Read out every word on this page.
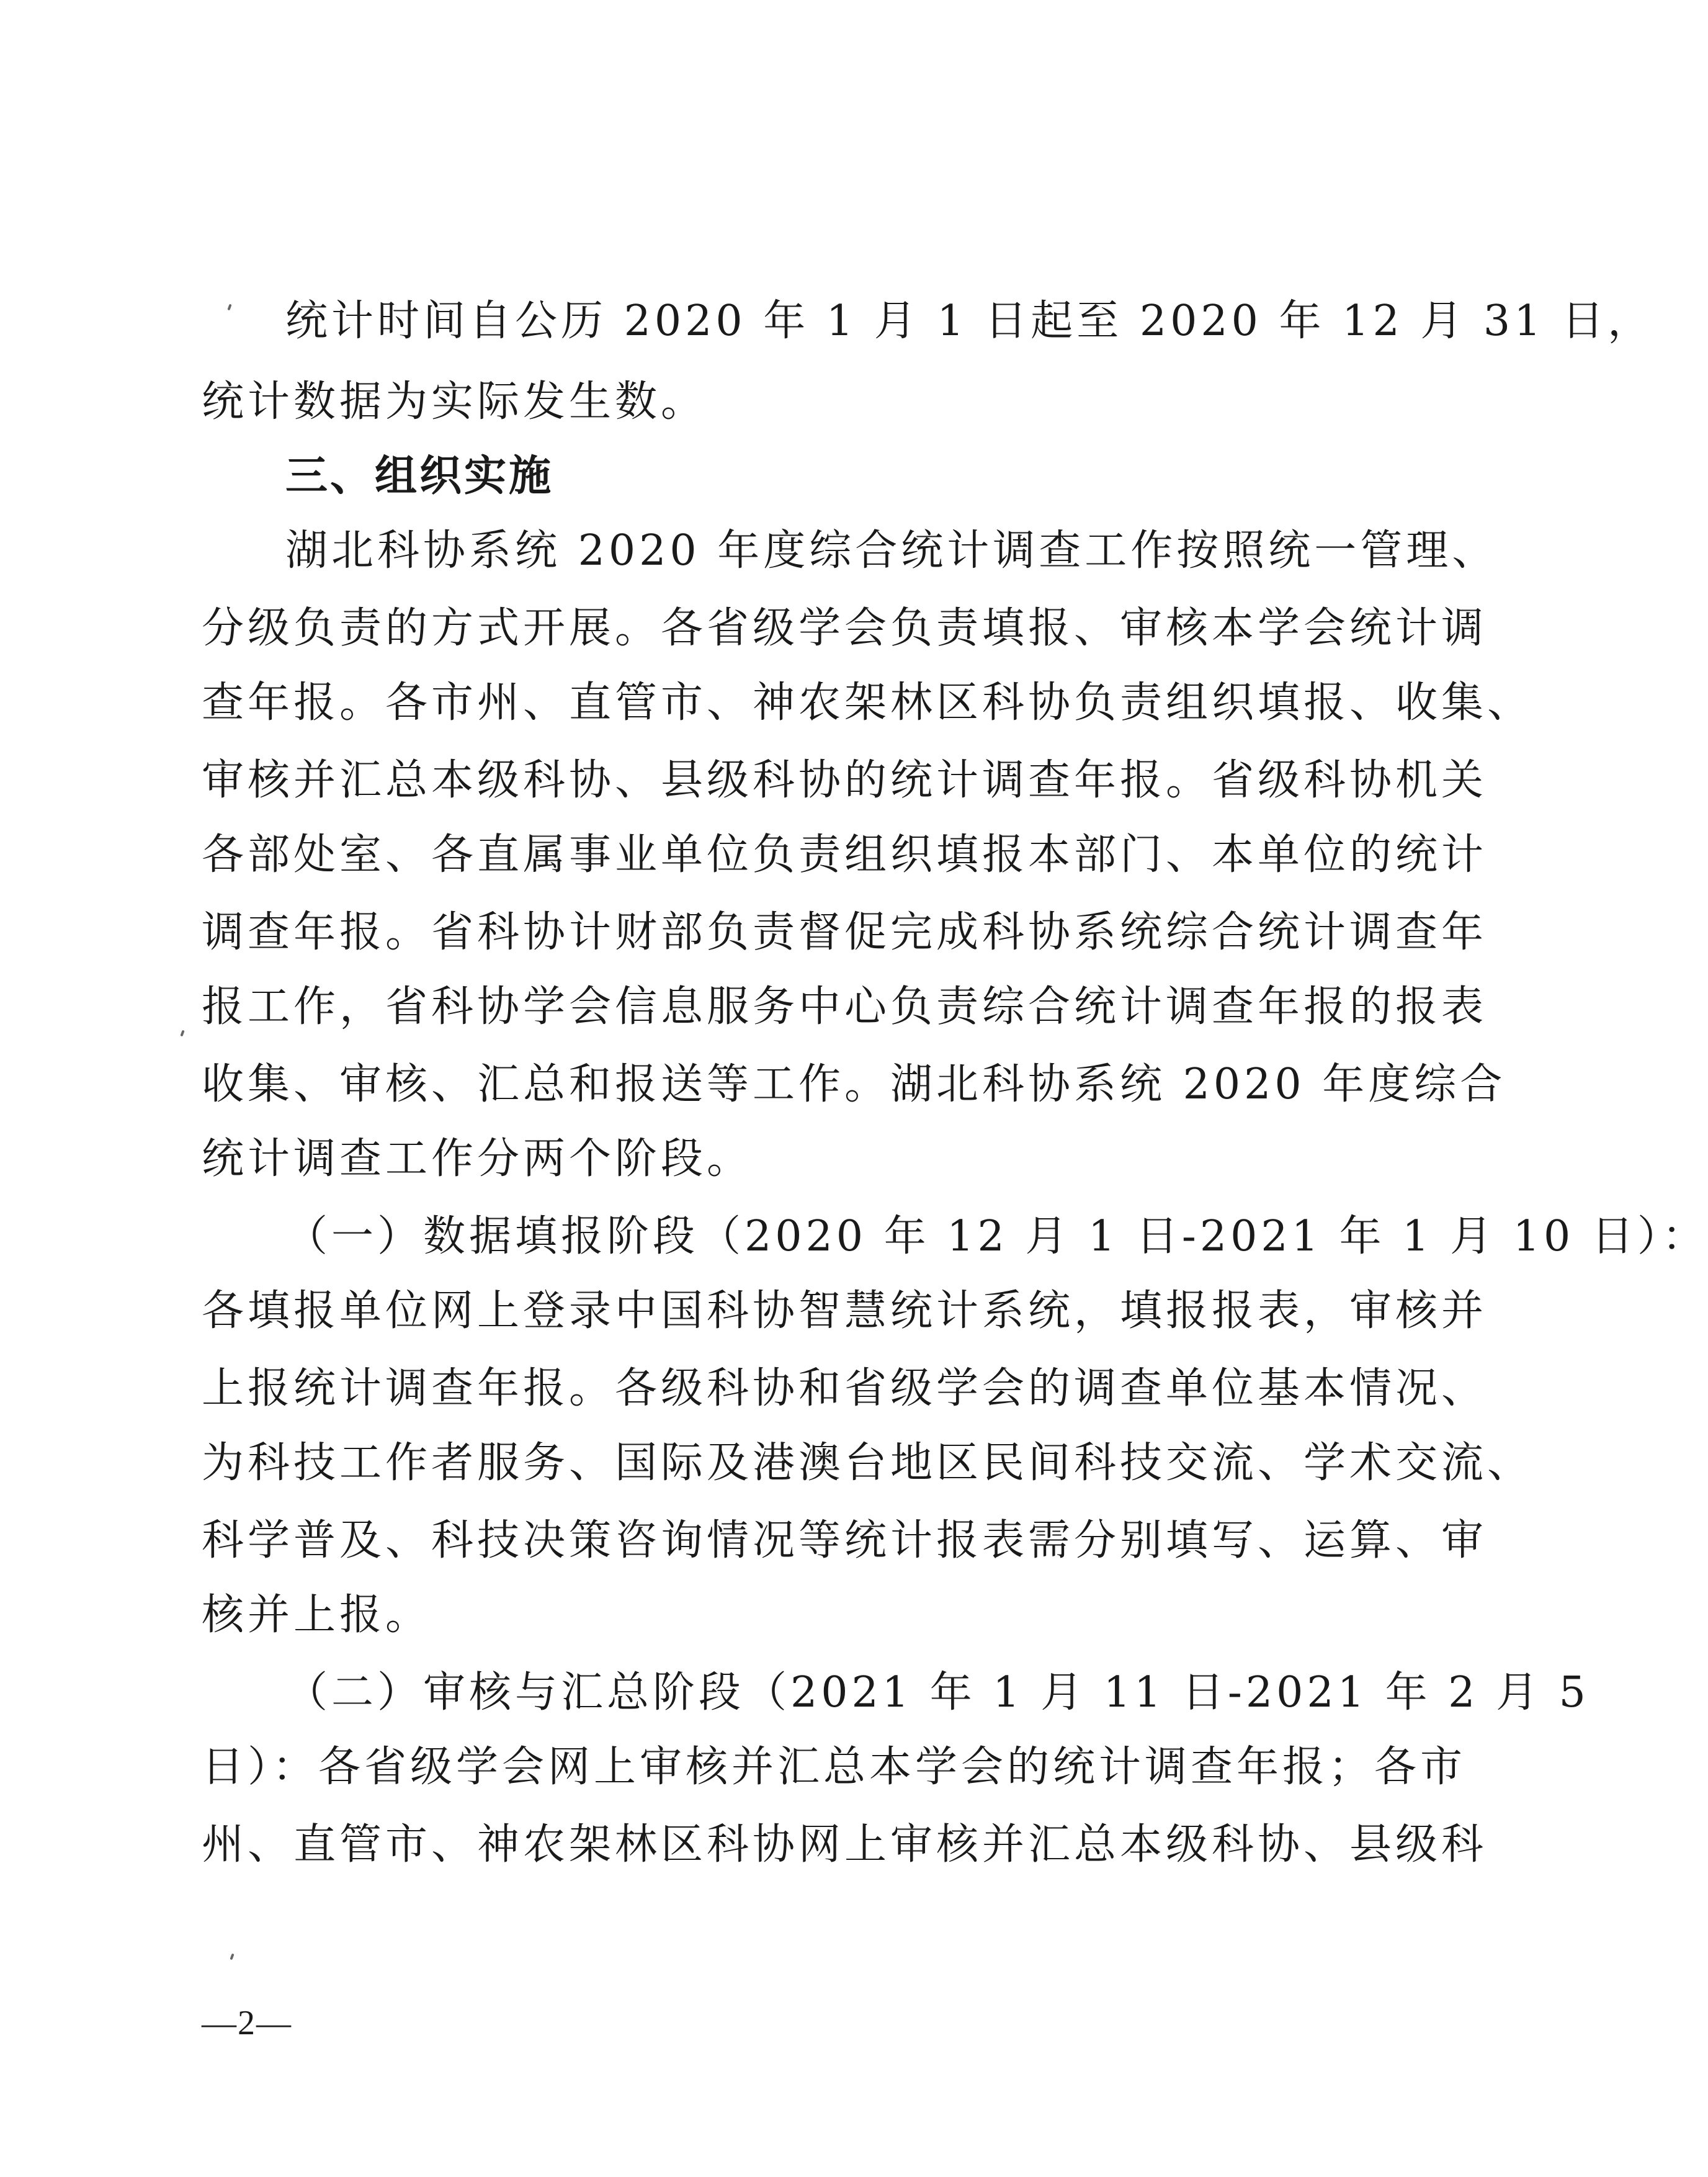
统计时间自公历 2020 年 1 月 1 日起至 2020 年 12 月 31 日，
统计数据为实际发生数。
三、组织实施
湖北科协系统 2020 年度综合统计调查工作按照统一管理、
分级负责的方式开展。各省级学会负责填报、审核本学会统计调
查年报。各市州、直管市、神农架林区科协负责组织填报、收集、
审核并汇总本级科协、县级科协的统计调查年报。省级科协机关
各部处室、各直属事业单位负责组织填报本部门、本单位的统计
调查年报。省科协计财部负责督促完成科协系统综合统计调查年
报工作，省科协学会信息服务中心负责综合统计调查年报的报表
收集、审核、汇总和报送等工作。湖北科协系统 2020 年度综合
统计调查工作分两个阶段。
（一）数据填报阶段（2020 年 12 月 1 日-2021 年 1 月 10 日）：
各填报单位网上登录中国科协智慧统计系统，填报报表，审核并
上报统计调查年报。各级科协和省级学会的调查单位基本情况、
为科技工作者服务、国际及港澳台地区民间科技交流、学术交流、
科学普及、科技决策咨询情况等统计报表需分别填写、运算、审
核并上报。
（二）审核与汇总阶段（2021 年 1 月 11 日-2021 年 2 月 5
日）：各省级学会网上审核并汇总本学会的统计调查年报；各市
州、直管市、神农架林区科协网上审核并汇总本级科协、县级科
—2—
